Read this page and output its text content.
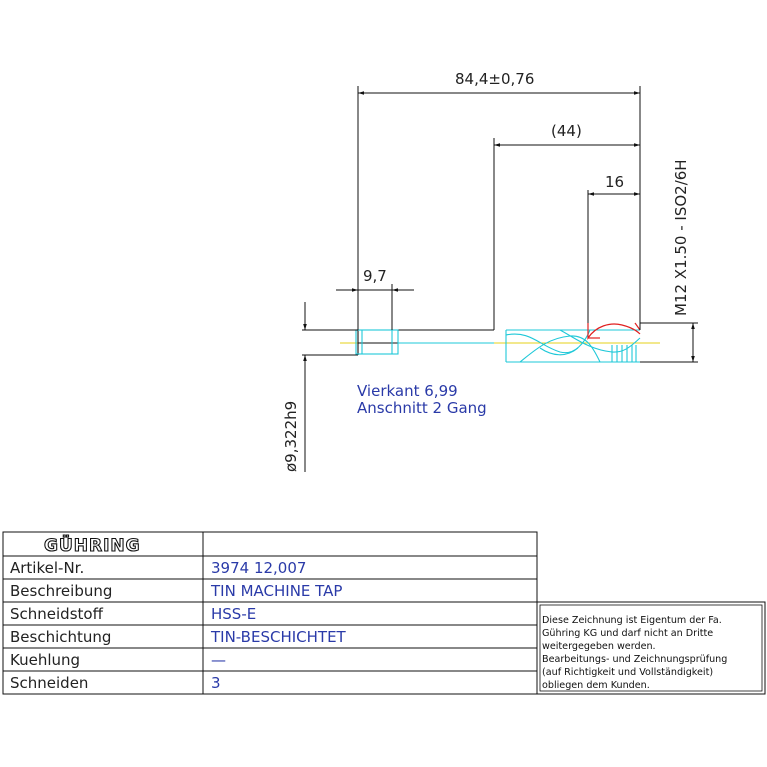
84,4±0,76
(44)
16
9,7	M12 X1.50 - ISO2/6H
ø9,322h9
Vierkant 6,99
Anschnitt 2 Gang
GÜHRING
Artikel-Nr.	3974 12,007
Beschreibung	TIN MACHINE TAP
Schneidstoff	HSS-E
Beschichtung	TIN-BESCHICHTET
Kuehlung	—
Schneiden	3
Diese Zeichnung ist Eigentum der Fa.
Gühring KG und darf nicht an Dritte
weitergegeben werden.
Bearbeitungs- und Zeichnungsprüfung
(auf Richtigkeit und Vollständigkeit)
obliegen dem Kunden.
